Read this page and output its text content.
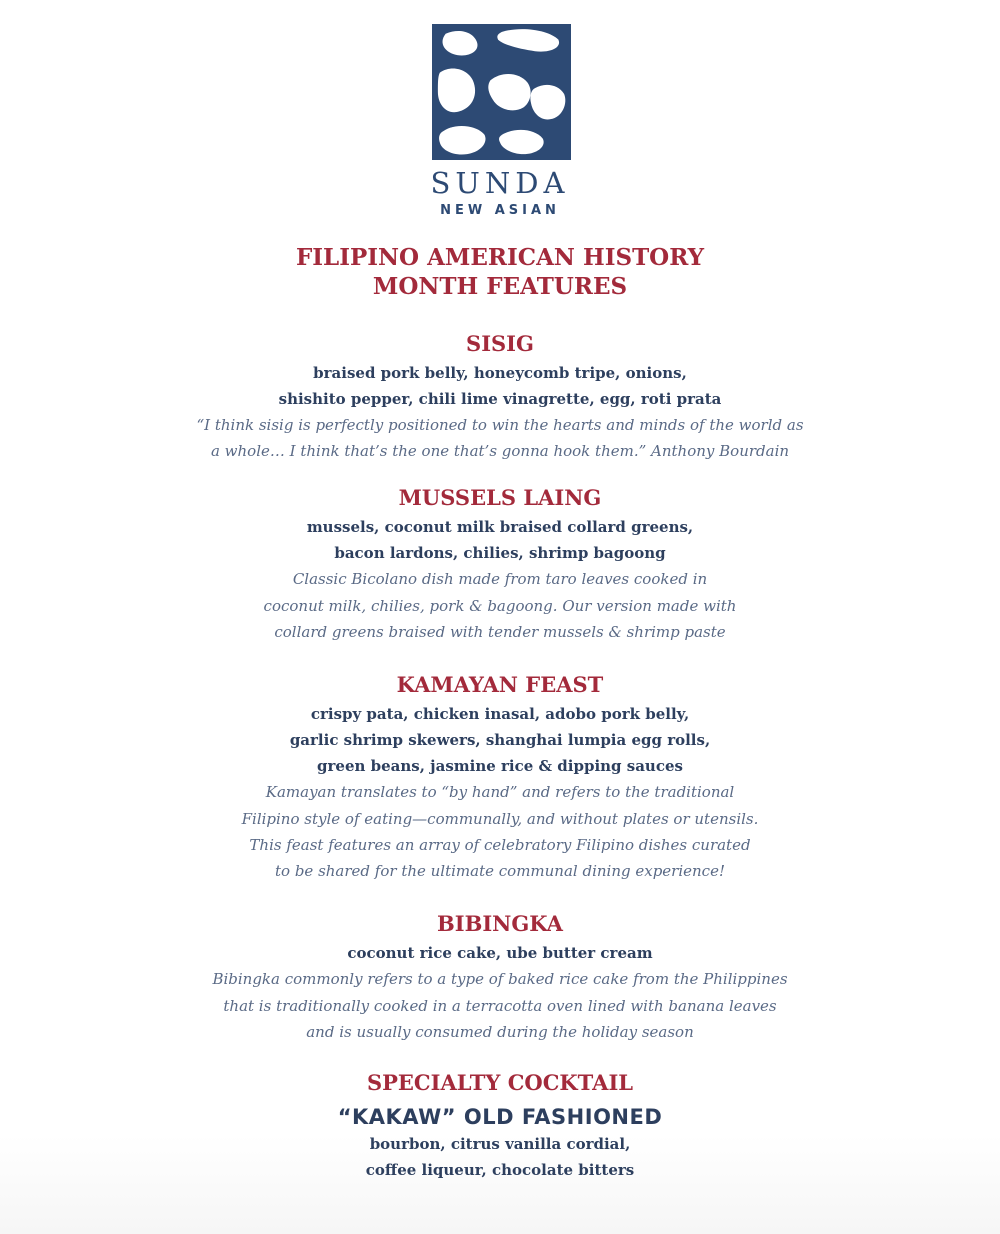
SUNDA
NEW ASIAN
FILIPINO AMERICAN HISTORY
MONTH FEATURES
SISIG
braised pork belly, honeycomb tripe, onions,
shishito pepper, chili lime vinagrette, egg, roti prata
“I think sisig is perfectly positioned to win the hearts and minds of the world as
a whole… I think that’s the one that’s gonna hook them.” Anthony Bourdain
MUSSELS LAING
mussels, coconut milk braised collard greens,
bacon lardons, chilies, shrimp bagoong
Classic Bicolano dish made from taro leaves cooked in
coconut milk, chilies, pork & bagoong. Our version made with
collard greens braised with tender mussels & shrimp paste
KAMAYAN FEAST
crispy pata, chicken inasal, adobo pork belly,
garlic shrimp skewers, shanghai lumpia egg rolls,
green beans, jasmine rice & dipping sauces
Kamayan translates to “by hand” and refers to the traditional
Filipino style of eating—communally, and without plates or utensils.
This feast features an array of celebratory Filipino dishes curated
to be shared for the ultimate communal dining experience!
BIBINGKA
coconut rice cake, ube butter cream
Bibingka commonly refers to a type of baked rice cake from the Philippines
that is traditionally cooked in a terracotta oven lined with banana leaves
and is usually consumed during the holiday season
SPECIALTY COCKTAIL
“KAKAW” OLD FASHIONED
bourbon, citrus vanilla cordial,
coffee liqueur, chocolate bitters
